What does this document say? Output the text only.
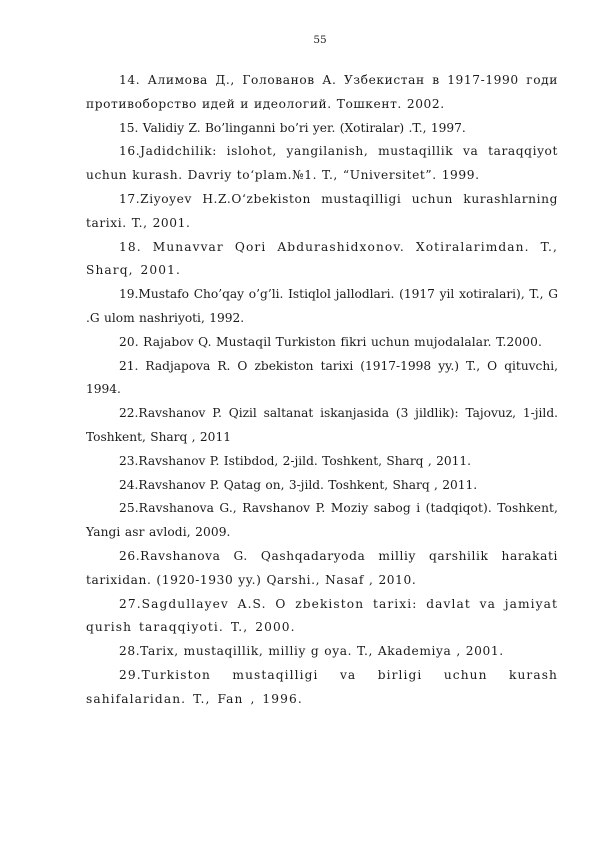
55

14. Алимова Д., Голованов А. Узбекистан в 1917-1990 годи противоборство идей и идеологий. Тошкент. 2002.

15. Validiy Z. Bo’linganni bo’ri yer. (Xotiralar) .T., 1997.

16.Jadidchilik: islohot, yangilanish, mustaqillik va taraqqiyot uchun kurash. Davriy to‘plam.№1. T., “Universitet”. 1999.

17.Ziyoyev H.Z.O‘zbekiston mustaqilligi uchun kurashlarning tarixi. T., 2001.

18. Munavvar Qori Abdurashidxonov. Xotiralarimdan. T., Sharq, 2001.

19.Mustafo Cho’qay o’g’li. Istiqlol jallodlari. (1917 yil xotiralari), T., G .G ulom nashriyoti, 1992.

20. Rajabov Q. Mustaqil Turkiston fikri uchun mujodalalar. T.2000.

21. Radjapova R. O zbekiston tarixi (1917-1998 yy.) T., O qituvchi, 1994.

22.Ravshanov P. Qizil saltanat iskanjasida (3 jildlik): Tajovuz, 1-jild. Toshkent, Sharq , 2011

23.Ravshanov P. Istibdod, 2-jild. Toshkent, Sharq , 2011.

24.Ravshanov P. Qatag on, 3-jild. Toshkent, Sharq , 2011.

25.Ravshanova G., Ravshanov P. Moziy sabog i (tadqiqot). Toshkent, Yangi asr avlodi, 2009.

26.Ravshanova G. Qashqadaryoda milliy qarshilik harakati tarixidan. (1920-1930 yy.) Qarshi., Nasaf , 2010.

27.Sagdullayev A.S. O zbekiston tarixi: davlat va jamiyat qurish taraqqiyoti. T., 2000.

28.Tarix, mustaqillik, milliy g oya. T., Akademiya , 2001.

29.Turkiston mustaqilligi va birligi uchun kurash sahifalaridan. T., Fan , 1996.
